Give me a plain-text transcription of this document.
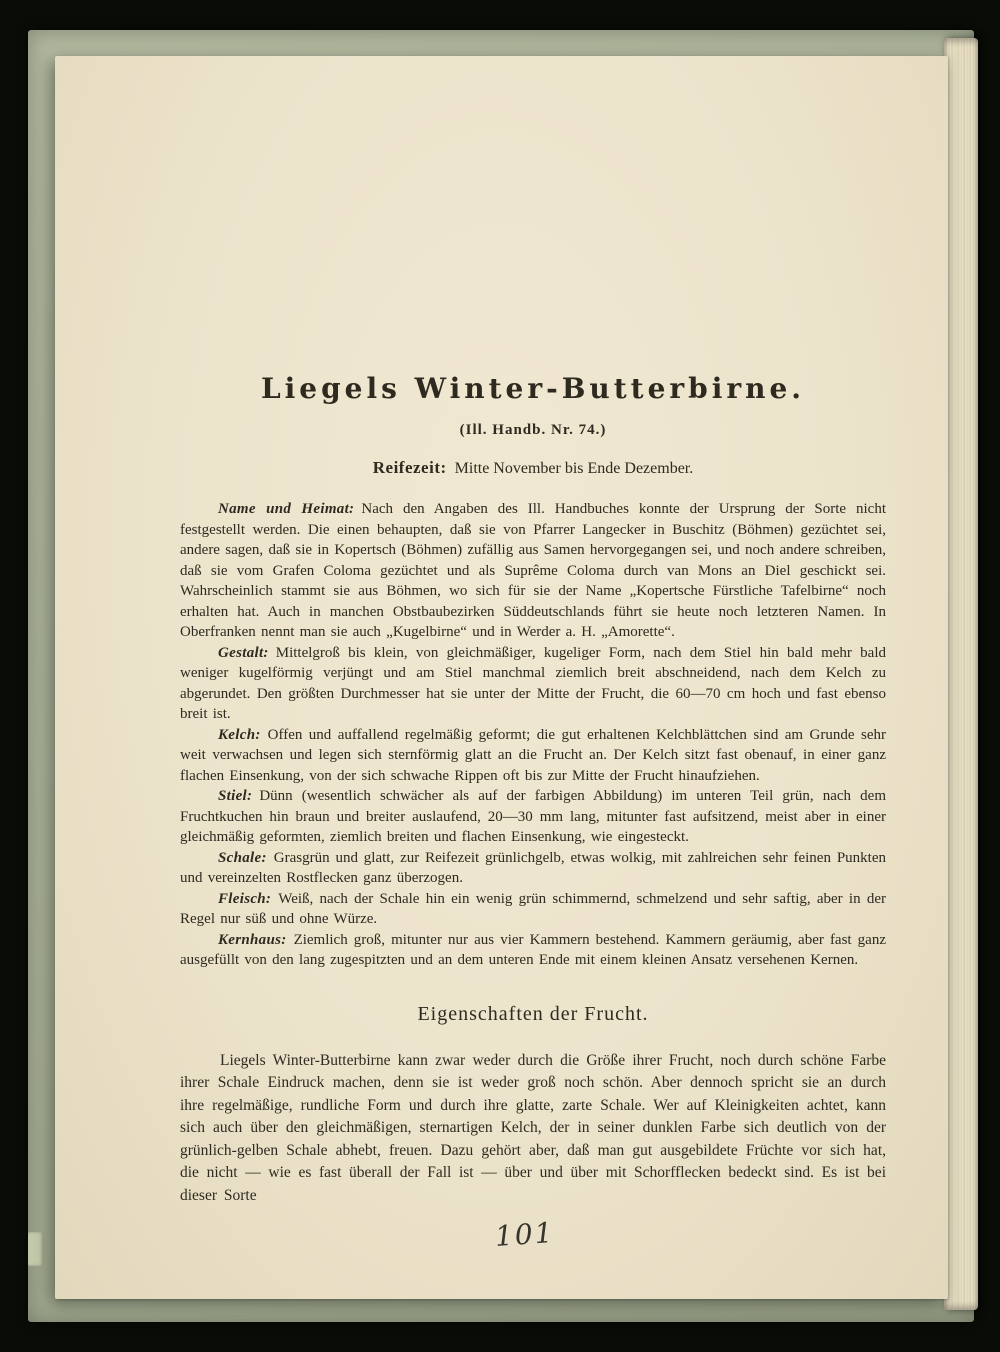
Liegels Winter-Butterbirne.
(Ill. Handb. Nr. 74.)
Reifezeit: Mitte November bis Ende Dezember.

Name und Heimat: Nach den Angaben des Ill. Handbuches konnte der Ursprung der Sorte nicht festgestellt werden. Die einen behaupten, daß sie von Pfarrer Langecker in Buschitz (Böhmen) gezüchtet sei, andere sagen, daß sie in Kopertsch (Böhmen) zufällig aus Samen hervorgegangen sei, und noch andere schreiben, daß sie vom Grafen Coloma gezüchtet und als Suprême Coloma durch van Mons an Diel geschickt sei. Wahrscheinlich stammt sie aus Böhmen, wo sich für sie der Name „Kopertsche Fürstliche Tafelbirne“ noch erhalten hat. Auch in manchen Obstbaubezirken Süddeutschlands führt sie heute noch letzteren Namen. In Oberfranken nennt man sie auch „Kugelbirne“ und in Werder a. H. „Amorette“.

Gestalt: Mittelgroß bis klein, von gleichmäßiger, kugeliger Form, nach dem Stiel hin bald mehr bald weniger kugelförmig verjüngt und am Stiel manchmal ziemlich breit abschneidend, nach dem Kelch zu abgerundet. Den größten Durchmesser hat sie unter der Mitte der Frucht, die 60—70 cm hoch und fast ebenso breit ist.

Kelch: Offen und auffallend regelmäßig geformt; die gut erhaltenen Kelchblättchen sind am Grunde sehr weit verwachsen und legen sich sternförmig glatt an die Frucht an. Der Kelch sitzt fast obenauf, in einer ganz flachen Einsenkung, von der sich schwache Rippen oft bis zur Mitte der Frucht hinaufziehen.

Stiel: Dünn (wesentlich schwächer als auf der farbigen Abbildung) im unteren Teil grün, nach dem Fruchtkuchen hin braun und breiter auslaufend, 20—30 mm lang, mitunter fast aufsitzend, meist aber in einer gleichmäßig geformten, ziemlich breiten und flachen Einsenkung, wie eingesteckt.

Schale: Grasgrün und glatt, zur Reifezeit grünlichgelb, etwas wolkig, mit zahlreichen sehr feinen Punkten und vereinzelten Rostflecken ganz überzogen.

Fleisch: Weiß, nach der Schale hin ein wenig grün schimmernd, schmelzend und sehr saftig, aber in der Regel nur süß und ohne Würze.

Kernhaus: Ziemlich groß, mitunter nur aus vier Kammern bestehend. Kammern geräumig, aber fast ganz ausgefüllt von den lang zugespitzten und an dem unteren Ende mit einem kleinen Ansatz versehenen Kernen.

Eigenschaften der Frucht.

Liegels Winter-Butterbirne kann zwar weder durch die Größe ihrer Frucht, noch durch schöne Farbe ihrer Schale Eindruck machen, denn sie ist weder groß noch schön. Aber dennoch spricht sie an durch ihre regelmäßige, rundliche Form und durch ihre glatte, zarte Schale. Wer auf Kleinigkeiten achtet, kann sich auch über den gleichmäßigen, sternartigen Kelch, der in seiner dunklen Farbe sich deutlich von der grünlich-gelben Schale abhebt, freuen. Dazu gehört aber, daß man gut ausgebildete Früchte vor sich hat, die nicht — wie es fast überall der Fall ist — über und über mit Schorfflecken bedeckt sind. Es ist bei dieser Sorte

101
